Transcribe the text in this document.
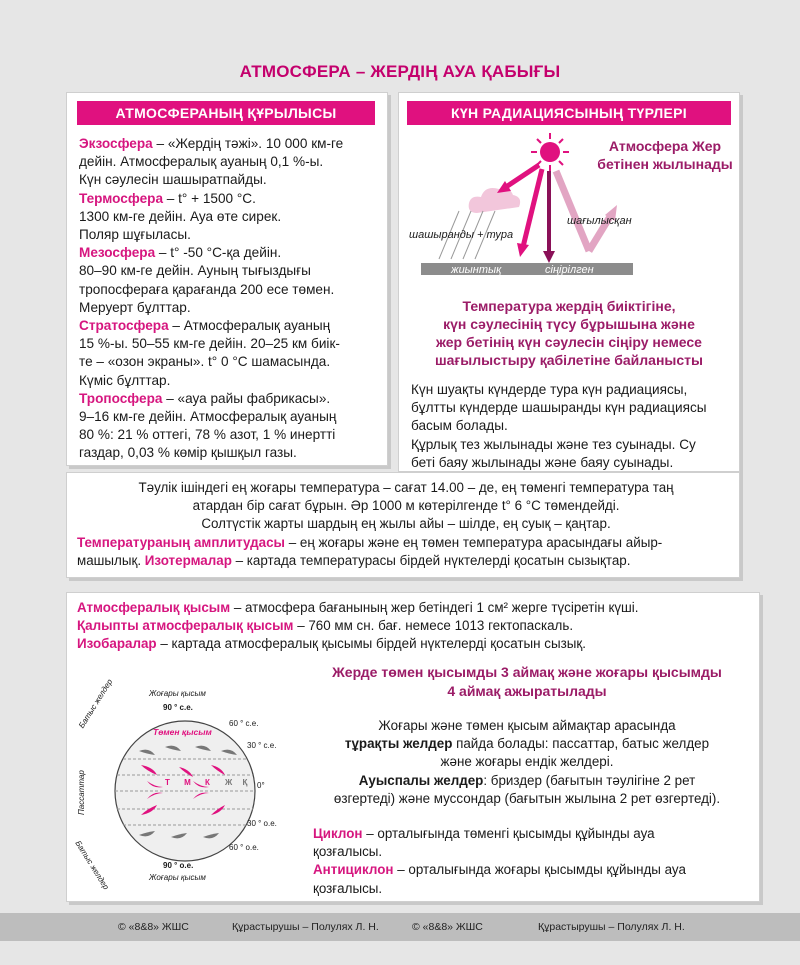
АТМОСФЕРА – ЖЕРДІҢ АУА ҚАБЫҒЫ
АТМОСФЕРАНЫҢ ҚҰРЫЛЫСЫ

Экзосфера – «Жердің тәжі». 10 000 км-ге

дейін. Атмосфералық ауаның 0,1 %-ы.

Күн сәулесін шашыратпайды.

Термосфера – t° + 1500 °C.

1300 км-ге дейін. Ауа өте сирек.

Поляр шұғыласы.

Мезосфера – t° -50 °C-қа дейін.

80–90 км-ге дейін. Ауның тығыздығы

тропосфераға қарағанда 200 есе төмен.

Меруерт бұлттар.

Стратосфера – Атмосфералық ауаның

15 %-ы. 50–55 км-ге дейін. 20–25 км биік-

те – «озон экраны». t° 0 °C шамасында.

Күміс бұлттар.

Тропосфера – «ауа райы фабрикасы».

9–16 км-ге дейін. Атмосфералық ауаның

80 %: 21 % оттегі, 78 % азот, 1 % инертті

газдар, 0,03 % көмір қышқыл газы.

КҮН РАДИАЦИЯСЫНЫҢ ТҮРЛЕРІ

Атмосфера Жер

бетінен жылынады

шашыранды + тура
шағылысқан
жиынтық	сіңірілген

Температура жердің биіктігіне,

күн сәулесінің түсу бұрышына және

жер бетінің күн сәулесін сіңіру немесе

шағылыстыру қабілетіне байланысты

Күн шуақты күндерде тура күн радиациясы,

бұлтты күндерде шашыранды күн радиациясы

басым болады.

Құрлық тез жылынады және тез суынады. Су

беті баяу жылынады және баяу суынады.

Тәулік ішіндегі ең жоғары температура – сағат 14.00 – де, ең төменгі температура таң

атардан бір сағат бұрын. Әр 1000 м көтерілгенде t° 6 °C төмендейді.

Солтүстік жарты шардың ең жылы айы – шілде, ең суық – қаңтар.

Температураның амплитудасы – ең жоғары және ең төмен температура арасындағы айыр-

машылық. Изотермалар – картада температурасы бірдей нүктелерді қосатын сызықтар.

Атмосфералық қысым – атмосфера бағанының жер бетіндегі 1 см² жерге түсіретін күші.

Қалыпты атмосфералық қысым – 760 мм сн. бағ. немесе 1013 гектопаскаль.

Изобаралар – картада атмосфералық қысымы бірдей нүктелерді қосатын сызық.

Жерде төмен қысымды 3 аймақ және жоғары қысымды

4 аймақ ажыратылады

Жоғары және төмен қысым аймақтар арасында

тұрақты желдер пайда болады: пассаттар, батыс желдер

және жоғары ендік желдері.

Ауыспалы желдер: бриздер (бағытын тәулігіне 2 рет

өзгертеді) және муссондар (бағытын жылына 2 рет өзгертеді).

Циклон – орталығында төменгі қысымды құйынды ауа

қозғалысы.

Антициклон – орталығында жоғары қысымды құйынды ауа

қозғалысы.

Жоғары қысым
90 ° с.е.
Төмен қысым
60 ° с.е.
30 ° с.е.
0°
30 ° о.е.
60 ° о.е.
90 ° о.е.
Жоғары қысым
Т М К Ж Қ
Батыс желдер
Пассаттар
Батыс желдер
© «8&8» ЖШС	Құрастырушы – Полулях Л. Н.	© «8&8» ЖШС	Құрастырушы – Полулях Л. Н.
